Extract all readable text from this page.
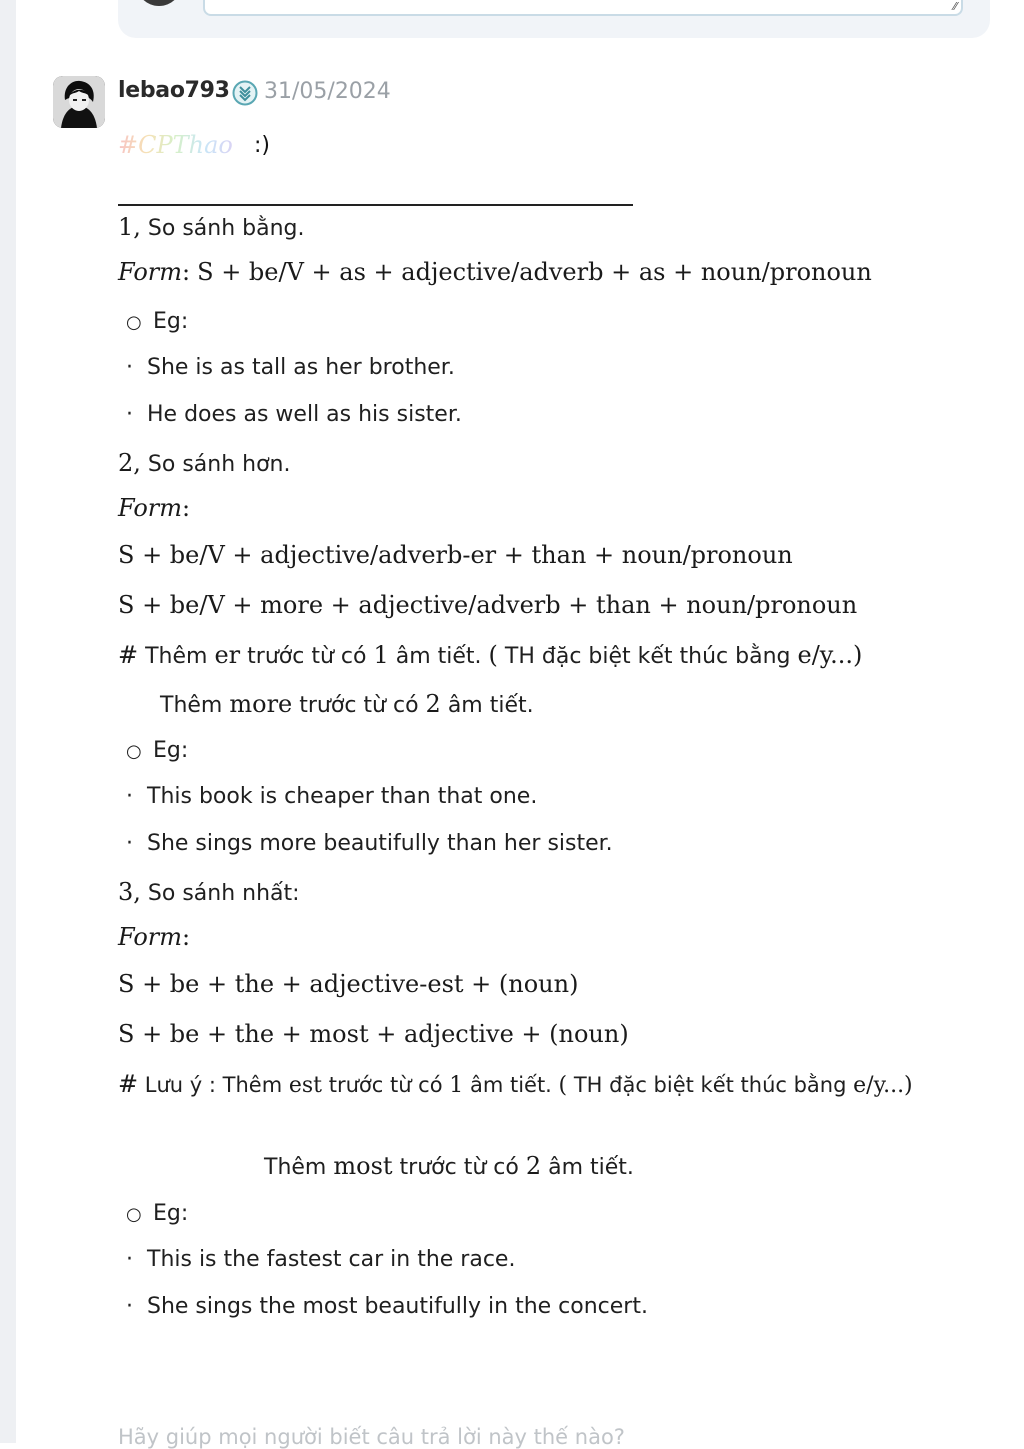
⁄⁄
lebao793 31/05/2024
#CPThao :)
1, So sánh bằng.
Form: S + be/V + as + adjective/adverb + as + noun/pronoun
○ Eg:
· She is as tall as her brother.
· He does as well as his sister.
2, So sánh hơn.
Form:
S + be/V + adjective/adverb-er + than + noun/pronoun
S + be/V + more + adjective/adverb + than + noun/pronoun
# Thêm er trước từ có 1 âm tiết. ( TH đặc biệt kết thúc bằng e/y...)
Thêm more trước từ có 2 âm tiết.
○ Eg:
· This book is cheaper than that one.
· She sings more beautifully than her sister.
3, So sánh nhất:
Form:
S + be + the + adjective-est + (noun)
S + be + the + most + adjective + (noun)
# Lưu ý : Thêm est trước từ có 1 âm tiết. ( TH đặc biệt kết thúc bằng e/y...)
Thêm most trước từ có 2 âm tiết.
○ Eg:
· This is the fastest car in the race.
· She sings the most beautifully in the concert.
Hãy giúp mọi người biết câu trả lời này thế nào?
